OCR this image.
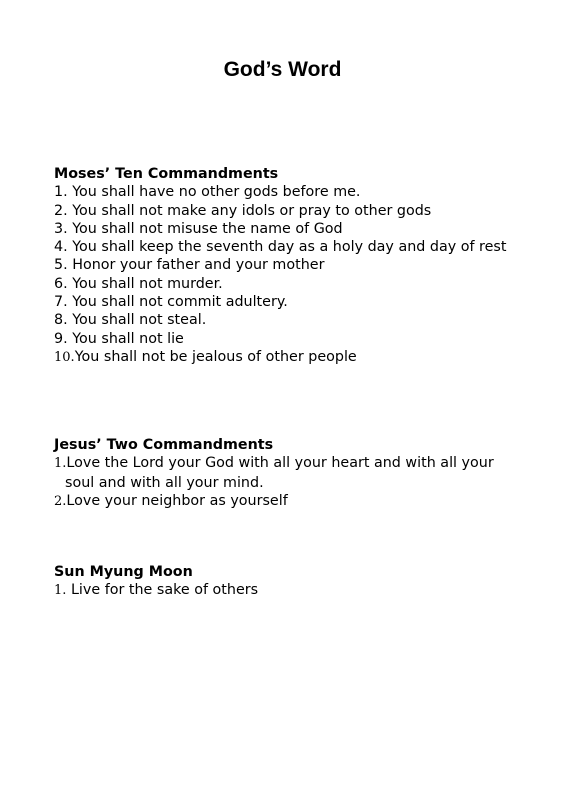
God’s Word
Moses’ Ten Commandments
1. You shall have no other gods before me.
2. You shall not make any idols or pray to other gods
3. You shall not misuse the name of God
4. You shall keep the seventh day as a holy day and day of rest
5. Honor your father and your mother
6. You shall not murder.
7. You shall not commit adultery.
8. You shall not steal.
9. You shall not lie
10.You shall not be jealous of other people
Jesus’ Two Commandments
1.Love the Lord your God with all your heart and with all your soul and with all your mind.
2.Love your neighbor as yourself
Sun Myung Moon
1. Live for the sake of others
